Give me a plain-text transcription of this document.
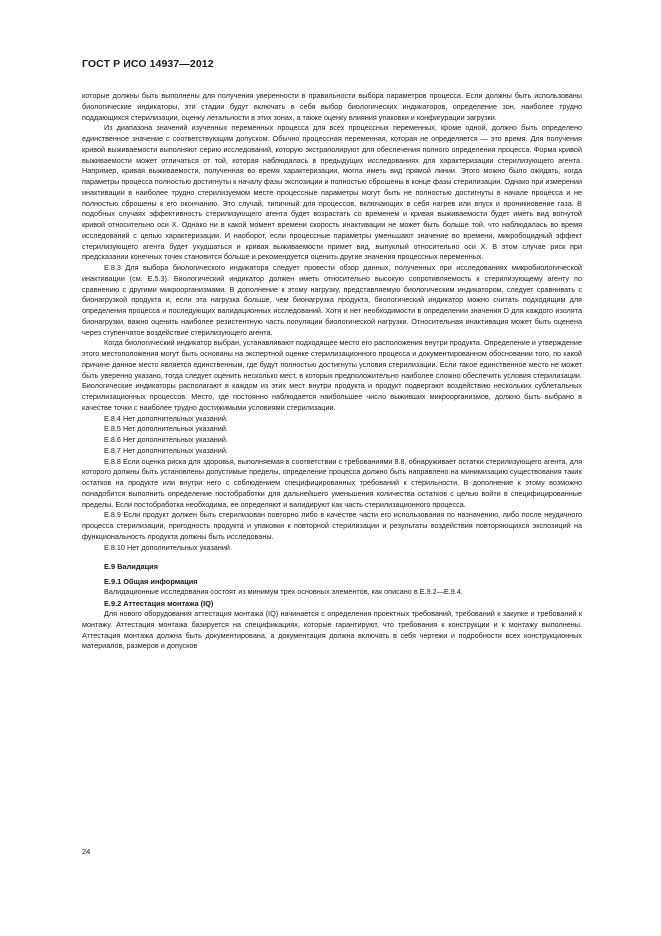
ГОСТ Р ИСО 14937—2012

которые должны быть выполнены для получения уверенности в правильности выбора параметров процесса. Если должны быть использованы биологические индикаторы, эти стадии будут включать в себя выбор биологических индикаторов, определение зон, наиболее трудно поддающихся стерилизации, оценку летальности в этих зонах, а также оценку влияния упаковки и конфигурации загрузки.

Из диапазона значений изученных переменных процесса для всех процессных переменных, кроме одной, должно быть определено единственное значение с соответствующим допуском. Обычно процессная переменная, которая не определяется — это время. Для получения кривой выживаемости выполняют серию исследований, которую экстраполируют для обеспечения полного определения процесса. Форма кривой выживаемости может отличаться от той, которая наблюдалась в предыдущих исследованиях для характеризации стерилизующего агента. Например, кривая выживаемости, полученная во время характеризации, могла иметь вид прямой линии. Этого можно было ожидать, когда параметры процесса полностью достигнуты к началу фазы экспозиции и полностью сброшены в конце фазы стерилизации. Однако при измерении инактивации в наиболее трудно стерилизуемом месте процессные параметры могут быть не полностью достигнуты в начале процесса и не полностью сброшены к его окончанию. Это случай, типичный для процессов, включающих в себя нагрев или впуск и проникновение газа. В подобных случаях эффективность стерилизующего агента будет возрастать со временем и кривая выживаемости будет иметь вид вогнутой кривой относительно оси X. Однако ни в какой момент времени скорость инактивации не может быть больше той, что наблюдалась во время исследований с целью характеризации. И наоборот, если процессные параметры уменьшают значение во времени, микробоцидный эффект стерилизующего агента будет ухудшаться и кривая выживаемости примет вид, выпуклый относительно оси X. В этом случае риск при предсказании конечных точек становится больше и рекомендуется оценить другие значения процессных переменных.

Е.8.3 Для выбора биологического индикатора следует провести обзор данных, полученных при исследованиях микробиологической инактивации (см. Е.5.3). Биологический индикатор должен иметь относительно высокую сопротивляемость к стерилизующему агенту по сравнению с другими микроорганизмами. В дополнение к этому нагрузку, представляемую биологическим индикатором, следует сравнивать с бионагрузкой продукта и, если эта нагрузка больше, чем бионагрузка продукта, биологический индикатор можно считать подходящим для определения процесса и последующих валидационных исследований. Хотя и нет необходимости в определении значения D для каждого изолята бионагрузки, важно оценить наиболее резистентную часть популяции биологической нагрузки. Относительная инактивация может быть оценена через ступенчатое воздействие стерилизующего агента.

Когда биологический индикатор выбран, устанавливают подходящее место его расположения внутри продукта. Определение и утверждение этого местоположения могут быть основаны на экспертной оценке стерилизационного процесса и документированном обосновании того, по какой причине данное место является единственным, где будут полностью достигнуты условия стерилизации. Если такое единственное место не может быть уверенно указано, тогда следует оценить несколько мест, в которых предположительно наиболее сложно обеспечить условия стерилизации. Биологические индикаторы располагают в каждом из этих мест внутри продукта и продукт подвергают воздействию нескольких сублетальных стерилизационных процессов. Место, где постоянно наблюдается наибольшее число выживших микроорганизмов, должно быть выбрано в качестве точки с наиболее трудно достижимыми условиями стерилизации.

Е.8.4 Нет дополнительных указаний.

Е.8.5 Нет дополнительных указаний.

Е.8.6 Нет дополнительных указаний.

Е.8.7 Нет дополнительных указаний.

Е.8.8 Если оценка риска для здоровья, выполняемая в соответствии с требованиями 8.8, обнаруживает остатки стерилизующего агента, для которого должны быть установлены допустимые пределы, определение процесса должно быть направлено на минимизацию существования таких остатков на продукте или внутри него с соблюдением специфицированных требований к стерильности. В дополнение к этому возможно понадобится выполнить определение постобработки для дальнейшего уменьшения количества остатков с целью войти в специфицированные пределы. Если постобработка необходима, ее определяют и валидируют как часть стерилизационного процесса.

Е.8.9 Если продукт должен быть стерилизован повторно либо в качестве части его использования по назначению, либо после неудачного процесса стерилизации, пригодность продукта и упаковки к повторной стерилизации и результаты воздействия повторяющихся экспозиций на функциональность продукта должны быть исследованы.

Е.8.10 Нет дополнительных указаний.

Е.9 Валидация
Е.9.1 Общая информация

Валидационные исследования состоят из минимум трех основных элементов, как описано в Е.9.2—Е.9.4.

Е.9.2 Аттестация монтажа (IQ)

Для нового оборудования аттестация монтажа (IQ) начинается с определения проектных требований, требований к закупке и требований к монтажу. Аттестация монтажа базируется на спецификациях, которые гарантируют, что требования к конструкции и к монтажу выполнены. Аттестация монтажа должна быть документирована, а документация должна включать в себя чертежи и подробности всех конструкционных материалов, размеров и допусков

24
